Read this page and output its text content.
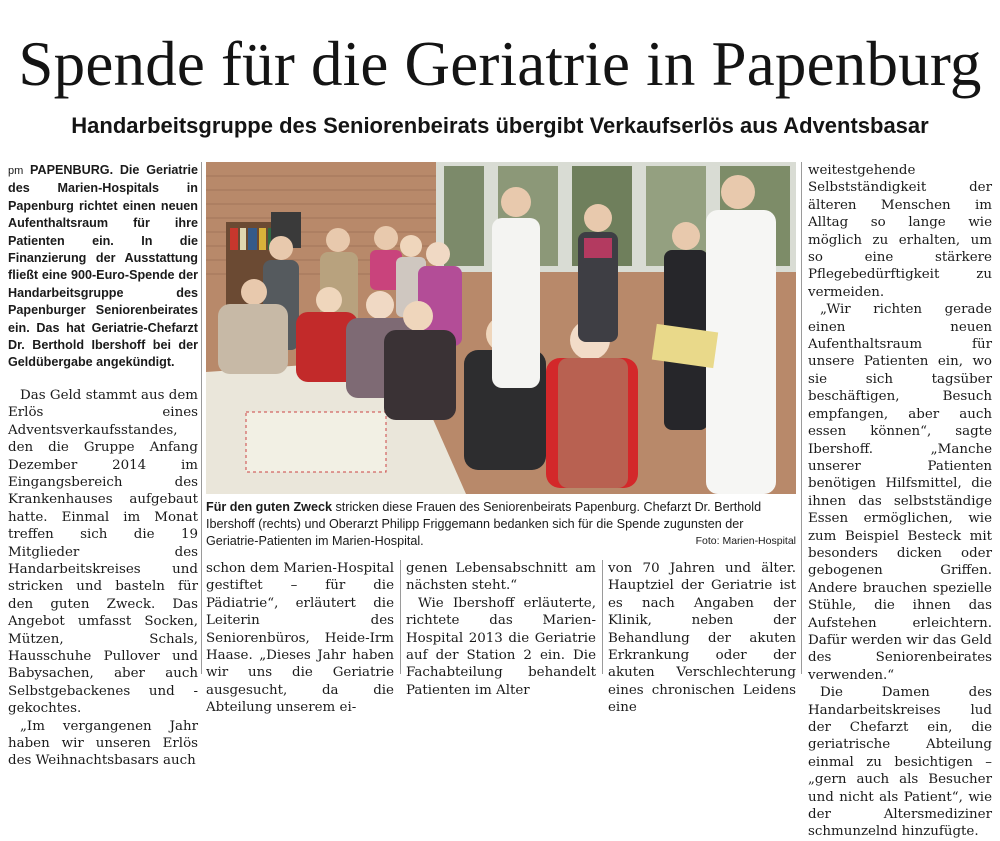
Spende für die Geriatrie in Papenburg
Handarbeitsgruppe des Seniorenbeirats übergibt Verkaufserlös aus Adventsbasar

pm PAPENBURG. Die Geriatrie des Marien-Hospitals in Papenburg richtet einen neuen Aufenthaltsraum für ihre Patienten ein. In die Finanzierung der Ausstattung fließt eine 900-Euro-Spende der Handarbeitsgruppe des Papenburger Seniorenbeirates ein. Das hat Geriatrie-Chefarzt Dr. Berthold Ibershoff bei der Geldübergabe angekündigt.

Das Geld stammt aus dem Erlös eines Adventsverkaufsstandes, den die Gruppe Anfang Dezember 2014 im Eingangsbereich des Krankenhauses aufgebaut hatte. Einmal im Monat treffen sich die 19 Mitglieder des Handarbeitskreises und stricken und basteln für den guten Zweck. Das Angebot umfasst Socken, Mützen, Schals, Hausschuhe Pullover und Babysachen, aber auch Selbstgebackenes und -gekochtes.

„Im vergangenen Jahr haben wir unseren Erlös des Weihnachtsbasars auch

Für den guten Zweck stricken diese Frauen des Seniorenbeirats Papenburg. Chefarzt Dr. Berthold Ibershoff (rechts) und Oberarzt Philipp Friggemann bedanken sich für die Spende zugunsten der Geriatrie-Patienten im Marien-Hospital.	Foto: Marien-Hospital

schon dem Marien-Hospital gestiftet – für die Pädiatrie“, erläutert die Leiterin des Seniorenbüros, Heide-Irm Haase. „Dieses Jahr haben wir uns die Geriatrie ausgesucht, da die Abteilung unserem ei-

genen Lebensabschnitt am nächsten steht.“

Wie Ibershoff erläuterte, richtete das Marien-Hospital 2013 die Geriatrie auf der Station 2 ein. Die Fachabteilung behandelt Patienten im Alter

von 70 Jahren und älter. Hauptziel der Geriatrie ist es nach Angaben der Klinik, neben der Behandlung der akuten Erkrankung oder der akuten Verschlechterung eines chronischen Leidens eine

weitestgehende Selbstständigkeit der älteren Menschen im Alltag so lange wie möglich zu erhalten, um so eine stärkere Pflegebedürftigkeit zu vermeiden.

„Wir richten gerade einen neuen Aufenthaltsraum für unsere Patienten ein, wo sie sich tagsüber beschäftigen, Besuch empfangen, aber auch essen können“, sagte Ibershoff. „Manche unserer Patienten benötigen Hilfsmittel, die ihnen das selbstständige Essen ermöglichen, wie zum Beispiel Besteck mit besonders dicken oder gebogenen Griffen. Andere brauchen spezielle Stühle, die ihnen das Aufstehen erleichtern. Dafür werden wir das Geld des Seniorenbeirates verwenden.“

Die Damen des Handarbeitskreises lud der Chefarzt ein, die geriatrische Abteilung einmal zu besichtigen – „gern auch als Besucher und nicht als Patient“, wie der Altersmediziner schmunzelnd hinzufügte.
